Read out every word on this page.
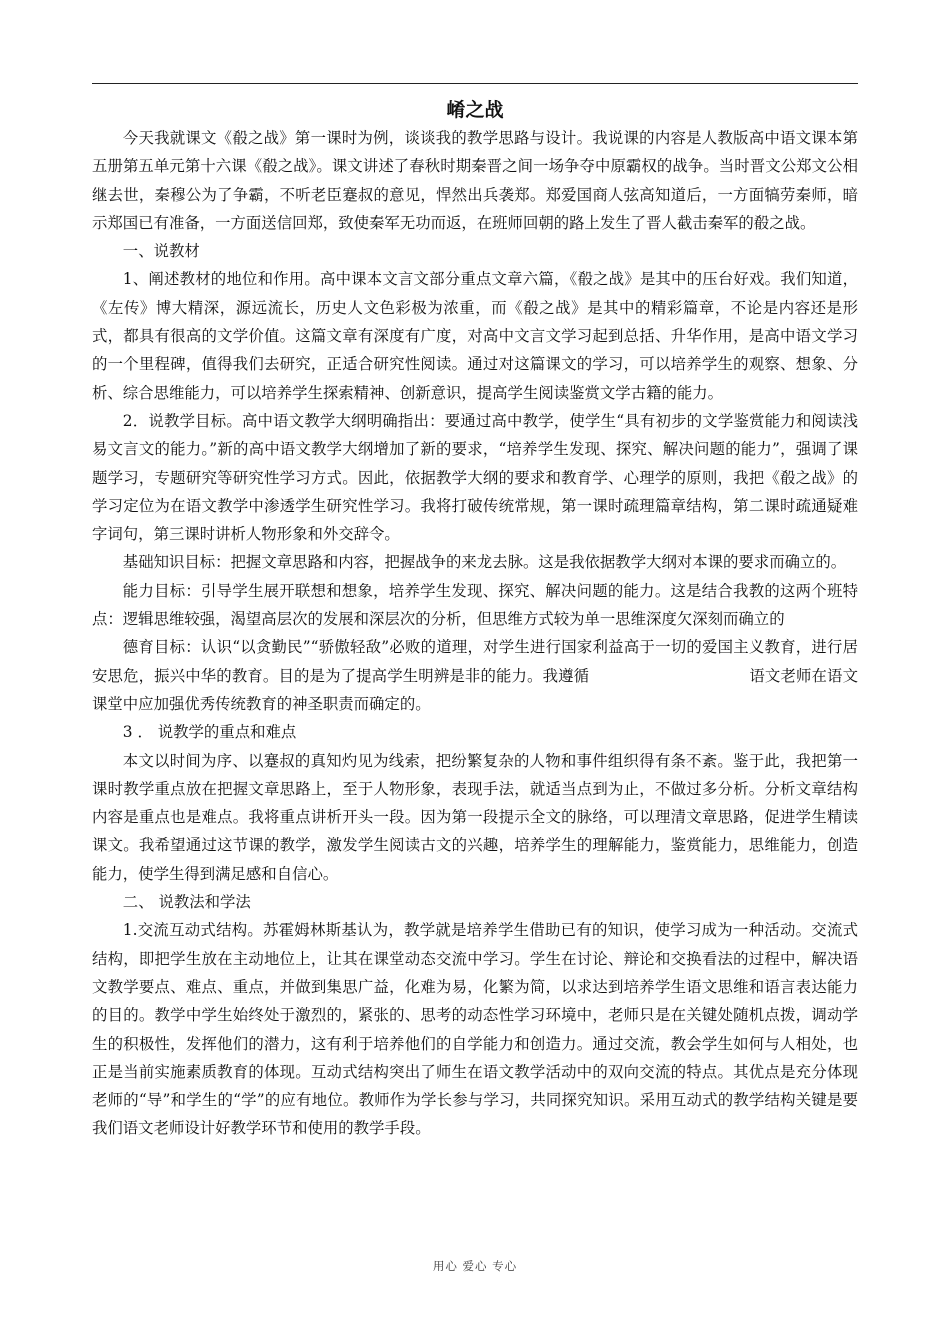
崤之战

今天我就课文《殽之战》第一课时为例，谈谈我的教学思路与设计。我说课的内容是人教版高中语文课本第五册第五单元第十六课《殽之战》。课文讲述了春秋时期秦晋之间一场争夺中原霸权的战争。当时晋文公郑文公相继去世，秦穆公为了争霸，不听老臣蹇叔的意见，悍然出兵袭郑。郑爱国商人弦高知道后，一方面犒劳秦师，暗示郑国已有准备，一方面送信回郑，致使秦军无功而返，在班师回朝的路上发生了晋人截击秦军的殽之战。

一、说教材

1、阐述教材的地位和作用。高中课本文言文部分重点文章六篇，《殽之战》是其中的压台好戏。我们知道，《左传》博大精深，源远流长，历史人文色彩极为浓重，而《殽之战》是其中的精彩篇章，不论是内容还是形式，都具有很高的文学价值。这篇文章有深度有广度，对高中文言文学习起到总括、升华作用，是高中语文学习的一个里程碑，值得我们去研究，正适合研究性阅读。通过对这篇课文的学习，可以培养学生的观察、想象、分析、综合思维能力，可以培养学生探索精神、创新意识，提高学生阅读鉴赏文学古籍的能力。

2．说教学目标。高中语文教学大纲明确指出：要通过高中教学，使学生“具有初步的文学鉴赏能力和阅读浅易文言文的能力。”新的高中语文教学大纲增加了新的要求，“培养学生发现、探究、解决问题的能力”，强调了课题学习，专题研究等研究性学习方式。因此，依据教学大纲的要求和教育学、心理学的原则，我把《殽之战》的学习定位为在语文教学中渗透学生研究性学习。我将打破传统常规，第一课时疏理篇章结构，第二课时疏通疑难字词句，第三课时讲析人物形象和外交辞令。

基础知识目标：把握文章思路和内容，把握战争的来龙去脉。这是我依据教学大纲对本课的要求而确立的。

能力目标：引导学生展开联想和想象，培养学生发现、探究、解决问题的能力。这是结合我教的这两个班特点：逻辑思维较强，渴望高层次的发展和深层次的分析，但思维方式较为单一思维深度欠深刻而确立的

德育目标：认识“以贪勤民”“骄傲轻敌”必败的道理，对学生进行国家利益高于一切的爱国主义教育，进行居安思危，振兴中华的教育。目的是为了提高学生明辨是非的能力。我遵循	语文老师在语文课堂中应加强优秀传统教育的神圣职责而确定的。

3 ． 说教学的重点和难点

本文以时间为序、以蹇叔的真知灼见为线索，把纷繁复杂的人物和事件组织得有条不紊。鉴于此，我把第一课时教学重点放在把握文章思路上，至于人物形象，表现手法，就适当点到为止，不做过多分析。分析文章结构内容是重点也是难点。我将重点讲析开头一段。因为第一段提示全文的脉络，可以理清文章思路，促进学生精读课文。我希望通过这节课的教学，激发学生阅读古文的兴趣，培养学生的理解能力，鉴赏能力，思维能力，创造能力，使学生得到满足感和自信心。

二、 说教法和学法

1.交流互动式结构。苏霍姆林斯基认为，教学就是培养学生借助已有的知识，使学习成为一种活动。交流式结构，即把学生放在主动地位上，让其在课堂动态交流中学习。学生在讨论、辩论和交换看法的过程中，解决语文教学要点、难点、重点，并做到集思广益，化难为易，化繁为简，以求达到培养学生语文思维和语言表达能力的目的。教学中学生始终处于激烈的，紧张的、思考的动态性学习环境中，老师只是在关键处随机点拨，调动学生的积极性，发挥他们的潜力，这有利于培养他们的自学能力和创造力。通过交流，教会学生如何与人相处，也正是当前实施素质教育的体现。互动式结构突出了师生在语文教学活动中的双向交流的特点。其优点是充分体现老师的“导”和学生的“学”的应有地位。教师作为学长参与学习，共同探究知识。采用互动式的教学结构关键是要我们语文老师设计好教学环节和使用的教学手段。

用心 爱心 专心
